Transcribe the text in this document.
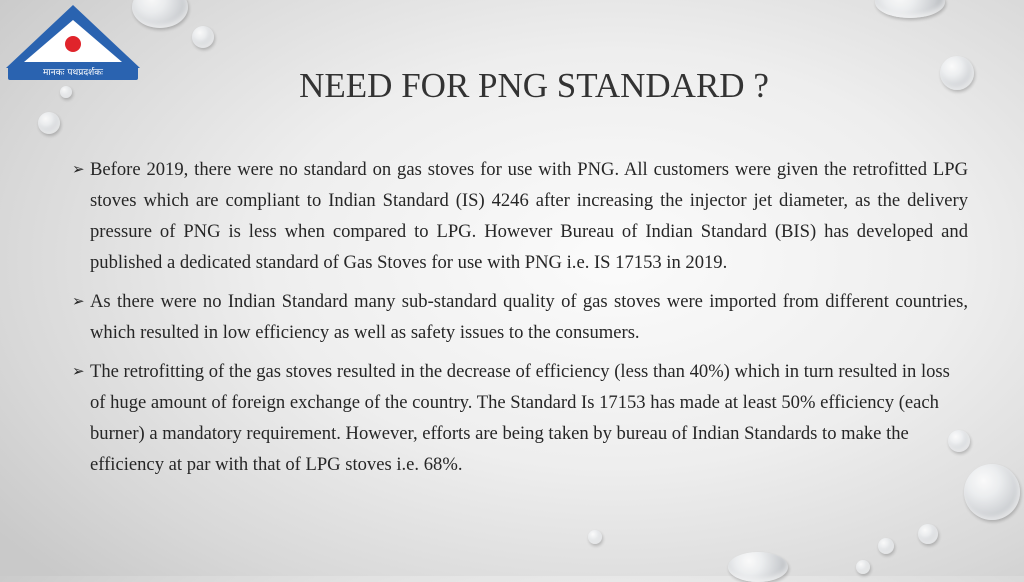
मानकः पथप्रदर्शकः	NEED FOR PNG STANDARD ?

➢ Before 2019, there were no standard on gas stoves for use with PNG. All customers were given the retrofitted LPG stoves which are compliant to Indian Standard (IS) 4246 after increasing the injector jet diameter, as the delivery pressure of PNG is less when compared to LPG. However Bureau of Indian Standard (BIS) has developed and published a dedicated standard of Gas Stoves for use with PNG i.e. IS 17153 in 2019.

➢ As there were no Indian Standard many sub-standard quality of gas stoves were imported from different countries, which resulted in low efficiency as well as safety issues to the consumers.

➢ The retrofitting of the gas stoves resulted in the decrease of efficiency (less than 40%) which in turn resulted in loss of huge amount of foreign exchange of the country. The Standard Is 17153 has made at least 50% efficiency (each burner) a mandatory requirement. However, efforts are being taken by bureau of Indian Standards to make the efficiency at par with that of LPG stoves i.e. 68%.
